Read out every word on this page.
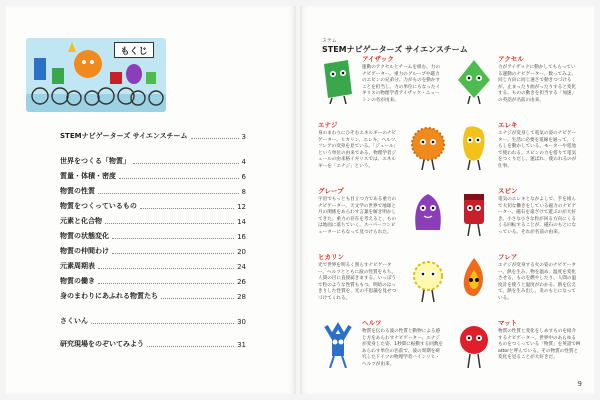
もくじ
STEMナビゲーターズ サイエンスチーム	3
世界をつくる「物質」	4
質量・体積・密度	6
物質の性質	8
物質をつくっているもの	12
元素と化合物	14
物質の状態変化	16
物質の仲間わけ	20
元素周期表	24
物質の働き	26
身のまわりにあふれる物質たち	28
さくいん	30
研究現場をのぞいてみよう	31
ステム
STEMナビゲーターズ サイエンスチーム
アイザック
運動のアクセルとチームを組む、力のナビゲーター。重力のグループや磁力のエビンの兄弟分。力がものを動かすことを担当し、力の単位にもなったイギリスの物理学者アイザック・ニュートンの名が由来。
アクセル
力がアイザックに動かしてもらっている運動のナビゲーター。数ってみよ。同じ方向に同じ速さで動きつづけるが、止まったり曲がったりすると変化する。ものの動きを担当する「加速」の英語が名前の由来。
エナジ
身のまわりにひそむエネルギーのナビゲーター。ヒカリン、エレキ、ヘルツ、フレアの変身を見ている。「ジュール」という単位の由来である、物理学者ジュールの由来格イギリスでは、エネルギーを「エナジ」という。
エレキ
エナジが変身して電気の姿のナビゲーター。生活に必要を電線を通って、くらしを動かしている。モーターや電池で使われる。スピンの力を借りて電気をつくりだし、運ばれ、使われるのが仕事。
グレープ
宇宙でもっとも目立つ力である重力のナビゲーター。天文学の世界で地球と月の関係をあらわす言葉を解き明かしてきた。重力の存在を考えると、ものは地面に落ちていく。スーパーコンピューターにもなって見つけられた。
スピン
電気のエレキとなかよしで、手を組んで大切な働きをしている磁力のナビゲーター。磁石を遠ざけて遊ぶのが大好き。小さな小さな粒が回る方向にくるくる回転することが、磁石のもとになっている。それが名前の由来。
ヒカリン
光で世界を明るく照らすナビゲーター。ヘルツとともに波の性質をもち、人間の目に直接届きまする。いっぽうで粒のような性質ももつ。明暗のはっきりした性質を、光の不思議を見せつづけてくれる。
フレア
エナジが変身する火の姿のナビゲーター。熱を生み、物を温め、温度を変化させる。ものを燃やしたり、人間の温度計を使うと温度がわかる。熱を伝えて、熱を生み出し、炎のもとになっている。
ヘルツ
物質を伝わる波の性質と動物による感じ方をあらわすナビゲーター。エナジが変身した姿。1秒間に振動する回数をあらわす単位の名前で、波の周期を研究したドイツの物理学者ハインリヒ・ヘルツが由来。
マット
物質の性質と変化をしめすものを紹介するナビゲーター。世界中のあらゆるものをつくっている「物質」を英語でMatterと呼んでいる。その物質の性質と変化を見ることが大好きだ。
9
